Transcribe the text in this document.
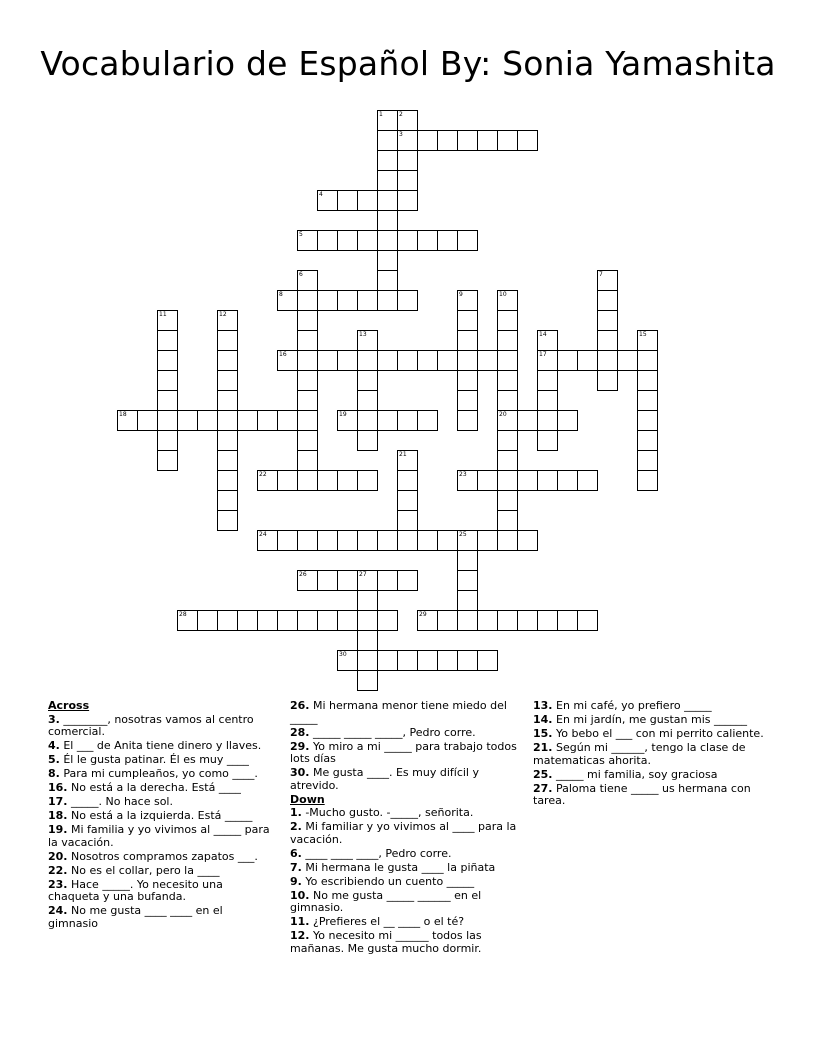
Vocabulario de Español By: Sonia Yamashita
1	2
3
4
5
6	7
8	9	10
11	12
13	14	15
16	17
18	19	20
21
22	23
24	25
26	27
28	29
30
Across
3. ________, nosotras vamos al centro comercial.
4. El ___ de Anita tiene dinero y llaves.
5. Él le gusta patinar. Él es muy ____
8. Para mi cumpleaños, yo como ____.
16. No está a la derecha. Está ____
17. _____. No hace sol.
18. No está a la izquierda. Está _____
19. Mi familia y yo vivimos al _____ para la vacación.
20. Nosotros compramos zapatos ___.
22. No es el collar, pero la ____
23. Hace _____. Yo necesito una chaqueta y una bufanda.
24. No me gusta ____ ____ en el gimnasio
26. Mi hermana menor tiene miedo del _____
28. _____ _____ _____, Pedro corre.
29. Yo miro a mi _____ para trabajo todos lots días
30. Me gusta ____. Es muy difícil y atrevido.
Down
1. -Mucho gusto. -_____, señorita.
2. Mi familiar y yo vivimos al ____ para la vacación.
6. ____ ____ ____, Pedro corre.
7. Mi hermana le gusta ____ la piñata
9. Yo escribiendo un cuento _____
10. No me gusta _____ ______ en el gimnasio.
11. ¿Prefieres el __ ____ o el té?
12. Yo necesito mi ______ todos las mañanas. Me gusta mucho dormir.
13. En mi café, yo prefiero _____
14. En mi jardín, me gustan mis ______
15. Yo bebo el ___ con mi perrito caliente.
21. Según mi ______, tengo la clase de matematicas ahorita.
25. _____ mi familia, soy graciosa
27. Paloma tiene _____ us hermana con tarea.
